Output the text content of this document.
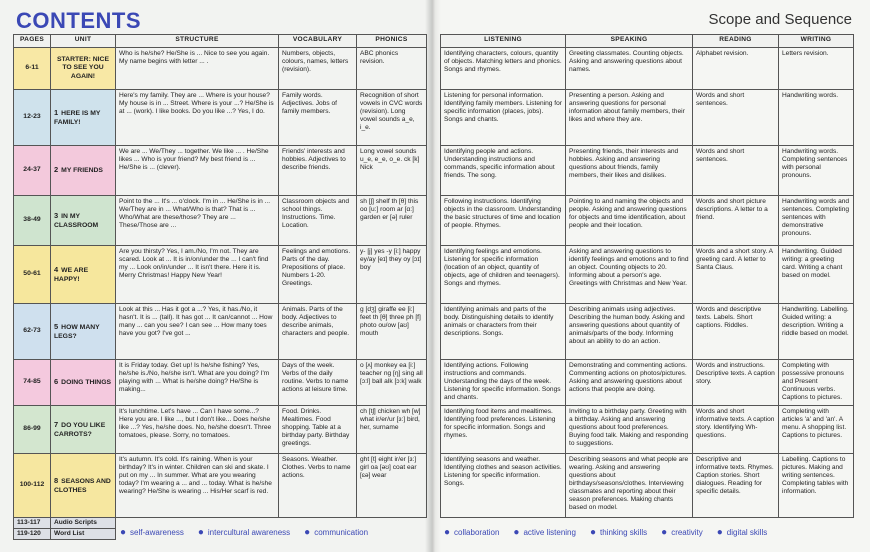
CONTENTS	Scope and Sequence
PAGES	UNIT	STRUCTURE	VOCABULARY	PHONICS
6-11	STARTER: NICE TO SEE YOU AGAIN!	Who is he/she? He/She is ... Nice to see you again. My name begins with letter ... .	Numbers, objects, colours, names, letters (revision).	ABC phonics revision.
12-23	1 HERE IS MY FAMILY!	Here's my family. They are ... Where is your house? My house is in ... Street. Where is your ...? He/She is at ... (work). I like books. Do you like ...? Yes, I do.	Family words. Adjectives. Jobs of family members.	Recognition of short vowels in CVC words (revision). Long vowel sounds a_e, i_e.
24-37	2 MY FRIENDS	We are ... We/They ... together. We like ... . He/She likes ... Who is your friend? My best friend is ... He/She is ... (clever).	Friends' interests and hobbies. Adjectives to describe friends.	Long vowel sounds u_e, e_e, o_e. ck [k] Nick
38-49	3 IN MY CLASSROOM	Point to the ... It's ... o'clock. I'm in ... He/She is in ... We/They are in ... What/Who is that? That is ... Who/What are these/those? They are ... These/Those are ...	Classroom objects and school things. Instructions. Time. Location.	sh [ʃ] shelf th [θ] this oo [u:] room ar [ɑ:] garden er [ə] ruler
50-61	4 WE ARE HAPPY!	Are you thirsty? Yes, I am./No, I'm not. They are scared. Look at ... It is in/on/under the ... I can't find my ... Look on/in/under ... It isn't there. Here it is. Merry Christmas! Happy New Year!	Feelings and emotions. Parts of the day. Prepositions of place. Numbers 1-20. Greetings.	y- [j] yes -y [i:] happy ey/ay [eɪ] they oy [ɔɪ] boy
62-73	5 HOW MANY LEGS?	Look at this ... Has it got a ...? Yes, it has./No, it hasn't. It is ... (tall). It has got ... It can/cannot ... How many ... can you see? I can see ... How many toes have you got? I've got ...	Animals. Parts of the body. Adjectives to describe animals, characters and people.	g [dʒ] giraffe ee [i:] feet th [θ] three ph [f] photo ou/ow [aʊ] mouth
74-85	6 DOING THINGS	It is Friday today. Get up! Is he/she fishing? Yes, he/she is./No, he/she isn't. What are you doing? I'm playing with ... What is he/she doing? He/She is making...	Days of the week. Verbs of the daily routine. Verbs to name actions at leisure time.	o [ʌ] monkey ea [i:] teacher ng [ŋ] sing all [ɔ:l] ball alk [ɔ:k] walk
86-99	7 DO YOU LIKE CARROTS?	It's lunchtime. Let's have ... Can I have some...? Here you are. I like ..., but I don't like... Does he/she like ...? Yes, he/she does. No, he/she doesn't. Three tomatoes, please. Sorry, no tomatoes.	Food. Drinks. Mealtimes. Food shopping. Table at a birthday party. Birthday greetings.	ch [tʃ] chicken wh [w] what ir/er/ur [ɜ:] bird, her, surname
100-112	8 SEASONS AND CLOTHES	It's autumn. It's cold. It's raining. When is your birthday? It's in winter. Children can ski and skate. I put on my ... In summer. What are you wearing today? I'm wearing a ... and ... today. What is he/she wearing? He/She is wearing ... His/Her scarf is red.	Seasons. Weather. Clothes. Verbs to name actions.	ght [t] eight ir/er [ɜ:] girl oa [əʊ] coat ear [ɛə] wear
113-117	Audio Scripts			
119-120	Word List			
LISTENING	SPEAKING	READING	WRITING
Identifying characters, colours, quantity of objects. Matching letters and phonics. Songs and rhymes.	Greeting classmates. Counting objects. Asking and answering questions about names.	Alphabet revision.	Letters revision.
Listening for personal information. Identifying family members. Listening for specific information (places, jobs). Songs and chants.	Presenting a person. Asking and answering questions for personal information about family members, their likes and where they are.	Words and short sentences.	Handwriting words.
Identifying people and actions. Understanding instructions and commands, specific information about friends. The song.	Presenting friends, their interests and hobbies. Asking and answering questions about friends, family members, their likes and dislikes.	Words and short sentences.	Handwriting words. Completing sentences with personal pronouns.
Following instructions. Identifying objects in the classroom. Understanding the basic structures of time and location of people. Rhymes.	Pointing to and naming the objects and people. Asking and answering questions for objects and time identification, about people and their location.	Words and short picture descriptions. A letter to a friend.	Handwriting words and sentences. Completing sentences with demonstrative pronouns.
Identifying feelings and emotions. Listening for specific information (location of an object, quantity of objects, age of children and teenagers). Songs and rhymes.	Asking and answering questions to identify feelings and emotions and to find an object. Counting objects to 20. Informing about a person's age. Greetings with Christmas and New Year.	Words and a short story. A greeting card. A letter to Santa Claus.	Handwriting. Guided writing: a greeting card. Writing a chant based on model.
Identifying animals and parts of the body. Distinguishing details to identify animals or characters from their descriptions. Songs.	Describing animals using adjectives. Describing the human body. Asking and answering questions about quantity of animals/parts of the body. Informing about an ability to do an action.	Words and descriptive texts. Labels. Short captions. Riddles.	Handwriting. Labelling. Guided writing: a description. Writing a riddle based on model.
Identifying actions. Following instructions and commands. Understanding the days of the week. Listening for specific information. Songs and chants.	Demonstrating and commenting actions. Commenting actions on photos/pictures. Asking and answering questions about actions that people are doing.	Words and instructions. Descriptive texts. A caption story.	Completing with possessive pronouns and Present Continuous verbs. Captions to pictures.
Identifying food items and mealtimes. Identifying food preferences. Listening for specific information. Songs and rhymes.	Inviting to a birthday party. Greeting with a birthday. Asking and answering questions about food preferences. Buying food talk. Making and responding to suggestions.	Words and short informative texts. A caption story. Identifying Wh-questions.	Completing with articles 'a' and 'an'. A menu. A shopping list. Captions to pictures.
Identifying seasons and weather. Identifying clothes and season activities. Listening for specific information. Songs.	Describing seasons and what people are wearing. Asking and answering questions about birthdays/seasons/clothes. Interviewing classmates and reporting about their season preferences. Making chants based on model.	Descriptive and informative texts. Rhymes. Caption stories. Short dialogues. Reading for specific details.	Labelling. Captions to pictures. Making and writing sentences. Completing tables with information.
● self-awareness ● intercultural awareness ● communication	● collaboration ● active listening ● thinking skills ● creativity ● digital skills
